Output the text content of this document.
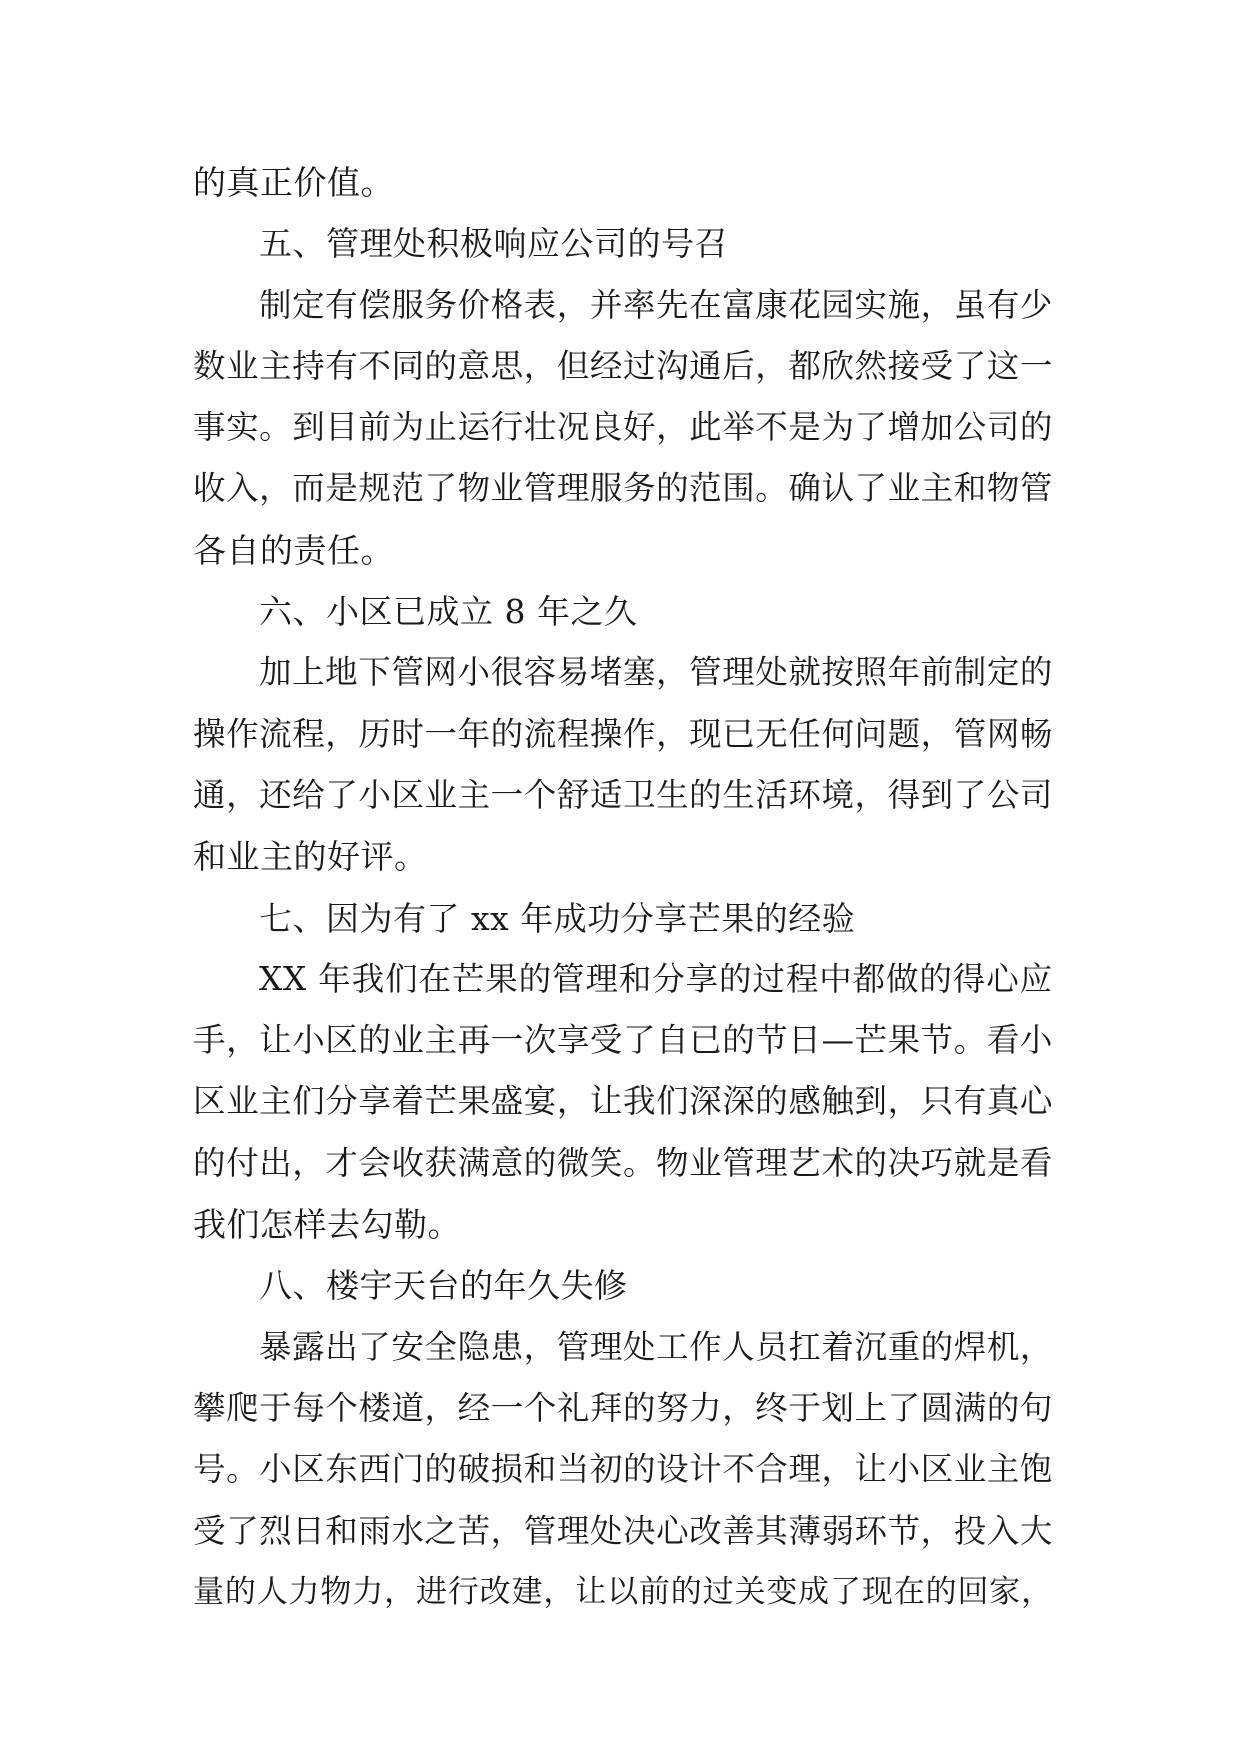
的真正价值。
五、管理处积极响应公司的号召
制定有偿服务价格表，并率先在富康花园实施，虽有少
数业主持有不同的意思，但经过沟通后，都欣然接受了这一
事实。到目前为止运行壮况良好，此举不是为了增加公司的
收入，而是规范了物业管理服务的范围。确认了业主和物管
各自的责任。
六、小区已成立 8 年之久
加上地下管网小很容易堵塞，管理处就按照年前制定的
操作流程，历时一年的流程操作，现已无任何问题，管网畅
通，还给了小区业主一个舒适卫生的生活环境，得到了公司
和业主的好评。
七、因为有了 xx 年成功分享芒果的经验
XX 年我们在芒果的管理和分享的过程中都做的得心应
手，让小区的业主再一次享受了自已的节日—芒果节。看小
区业主们分享着芒果盛宴，让我们深深的感触到，只有真心
的付出，才会收获满意的微笑。物业管理艺术的决巧就是看
我们怎样去勾勒。
八、楼宇天台的年久失修
暴露出了安全隐患，管理处工作人员扛着沉重的焊机，
攀爬于每个楼道，经一个礼拜的努力，终于划上了圆满的句
号。小区东西门的破损和当初的设计不合理，让小区业主饱
受了烈日和雨水之苦，管理处决心改善其薄弱环节，投入大
量的人力物力，进行改建，让以前的过关变成了现在的回家，
